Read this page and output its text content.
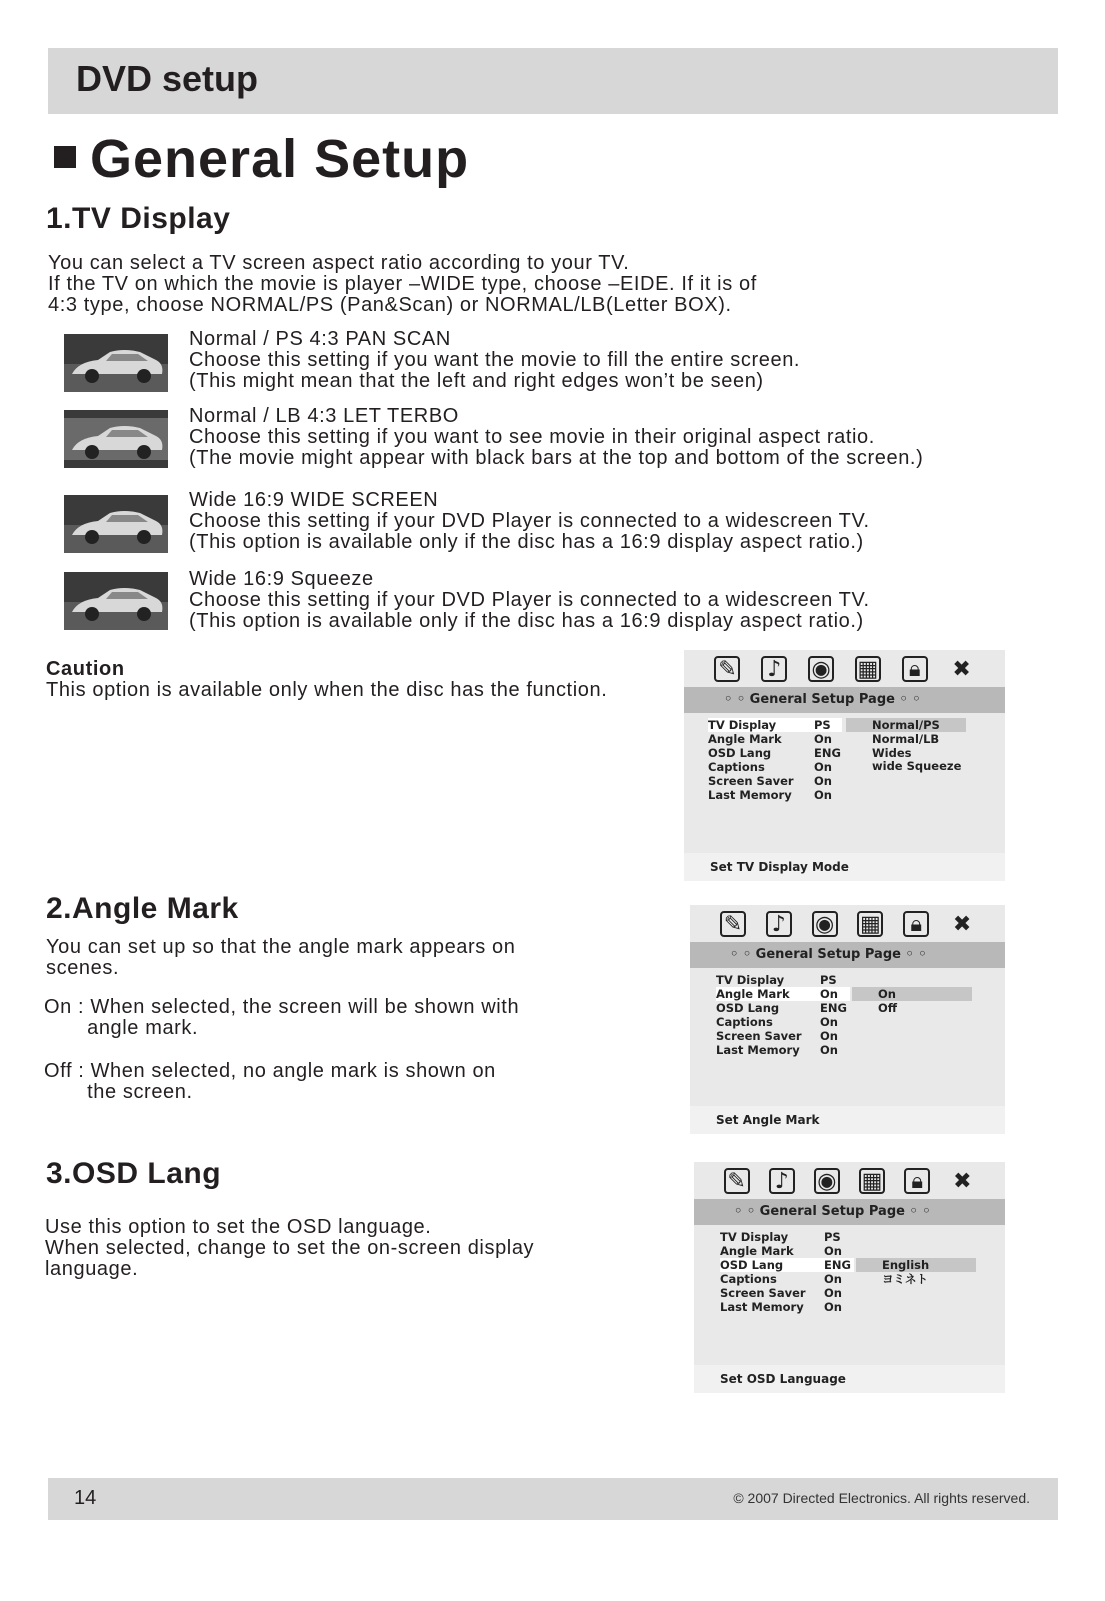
DVD setup
General Setup
1.TV Display
You can select a TV screen aspect ratio according to your TV.
If the TV on which the movie is player –WIDE type, choose –EIDE. If it is of
4:3 type, choose NORMAL/PS (Pan&Scan) or NORMAL/LB(Letter BOX).
Normal / PS 4:3 PAN SCAN
Choose this setting if you want the movie to fill the entire screen.
(This might mean that the left and right edges won’t be seen)
Normal / LB 4:3 LET TERBO
Choose this setting if you want to see movie in their original aspect ratio.
(The movie might appear with black bars at the top and bottom of the screen.)
Wide 16:9 WIDE SCREEN
Choose this setting if your DVD Player is connected to a widescreen TV.
(This option is available only if the disc has a 16:9 display aspect ratio.)
Wide 16:9 Squeeze
Choose this setting if your DVD Player is connected to a widescreen TV.
(This option is available only if the disc has a 16:9 display aspect ratio.)
Caution
This option is available only when the disc has the function.
✎ ♪ ◉ ▦	🔒︎	✖
◦ ◦ General Setup Page ◦ ◦
TV Display	PS
Angle Mark	On
OSD Lang	ENG
Captions	On
Screen Saver On
Last Memory On
Normal/PS
Normal/LB
Wides
wide Squeeze
Set TV Display Mode
2.Angle Mark
You can set up so that the angle mark appears on
scenes.
On : When selected, the screen will be shown with
angle mark.
Off : When selected, no angle mark is shown on
the screen.
✎ ♪ ◉ ▦	🔒︎	✖
◦ ◦ General Setup Page ◦ ◦
TV Display	PS
Angle Mark	On
OSD Lang	ENG
Captions	On
Screen Saver On
Last Memory On
On
Off
Set Angle Mark
3.OSD Lang
Use this option to set the OSD language.
When selected, change to set the on-screen display
language.
✎ ♪ ◉ ▦	🔒︎	✖
◦ ◦ General Setup Page ◦ ◦
TV Display	PS
Angle Mark	On
OSD Lang	ENG
Captions	On
Screen Saver On
Last Memory On
English
ヨミネト
Set OSD Language
14	© 2007 Directed Electronics. All rights reserved.
